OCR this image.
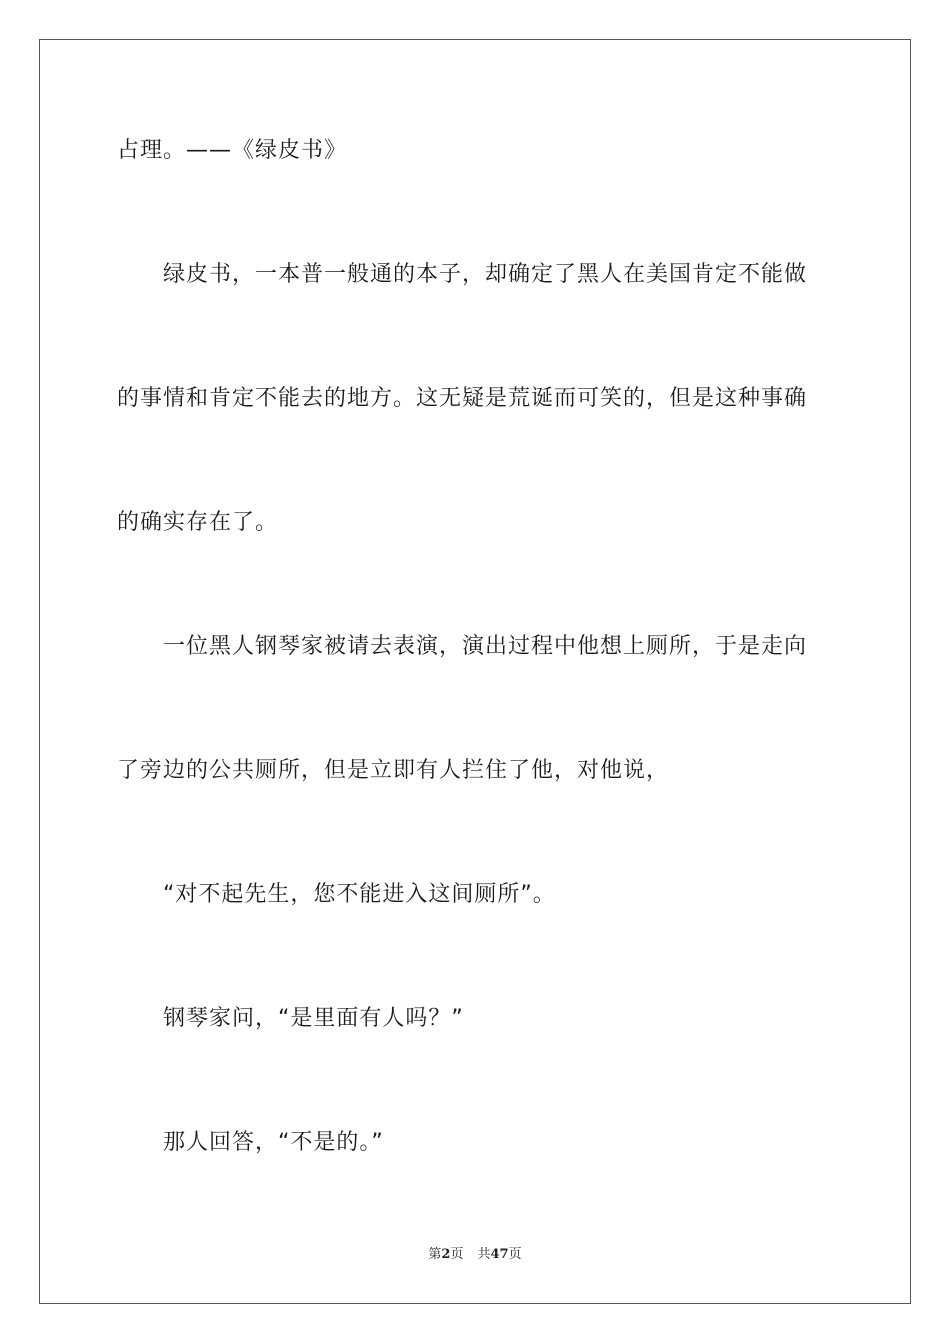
占理。——《绿皮书》
绿皮书，一本普一般通的本子，却确定了黑人在美国肯定不能做
的事情和肯定不能去的地方。这无疑是荒诞而可笑的，但是这种事确
的确实存在了。
一位黑人钢琴家被请去表演，演出过程中他想上厕所，于是走向
了旁边的公共厕所，但是立即有人拦住了他，对他说，
“对不起先生，您不能进入这间厕所”。
钢琴家问，“是里面有人吗？”
那人回答，“不是的。”
第2页 共47页
